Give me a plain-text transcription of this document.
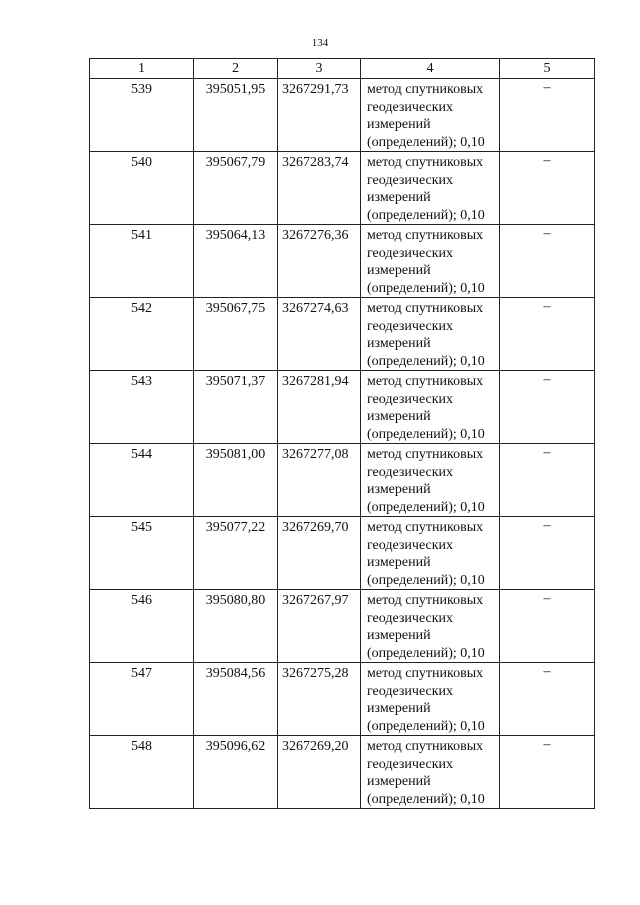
134
1	2	3	4	5
539	395051,95	3267291,73	метод спутниковых геодезических измерений (определений); 0,10	–
540	395067,79	3267283,74	метод спутниковых геодезических измерений (определений); 0,10	–
541	395064,13	3267276,36	метод спутниковых геодезических измерений (определений); 0,10	–
542	395067,75	3267274,63	метод спутниковых геодезических измерений (определений); 0,10	–
543	395071,37	3267281,94	метод спутниковых геодезических измерений (определений); 0,10	–
544	395081,00	3267277,08	метод спутниковых геодезических измерений (определений); 0,10	–
545	395077,22	3267269,70	метод спутниковых геодезических измерений (определений); 0,10	–
546	395080,80	3267267,97	метод спутниковых геодезических измерений (определений); 0,10	–
547	395084,56	3267275,28	метод спутниковых геодезических измерений (определений); 0,10	–
548	395096,62	3267269,20	метод спутниковых геодезических измерений (определений); 0,10	–
